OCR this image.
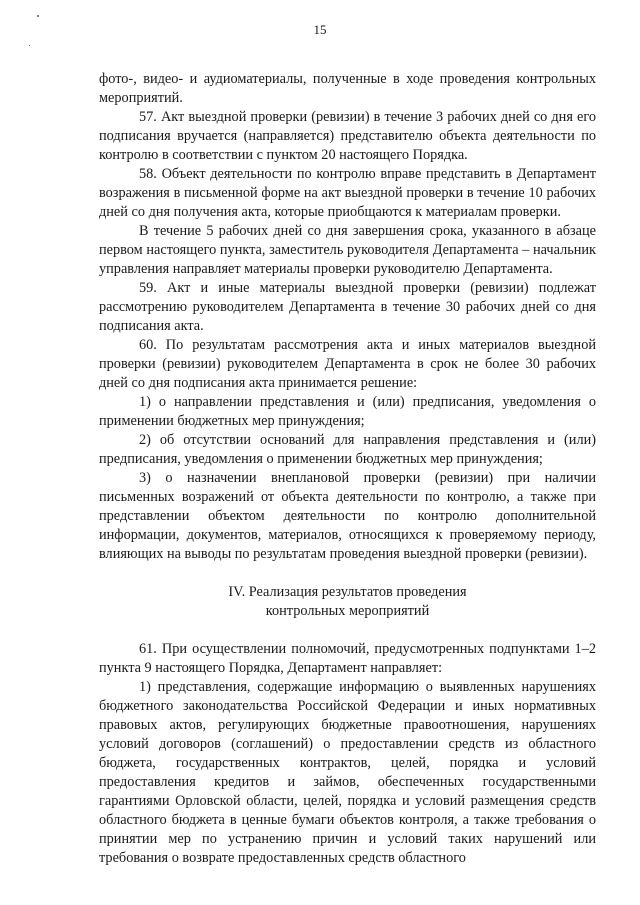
15

фото-, видео- и аудиоматериалы, полученные в ходе проведения контрольных мероприятий.

57. Акт выездной проверки (ревизии) в течение 3 рабочих дней со дня его подписания вручается (направляется) представителю объекта деятельности по контролю в соответствии с пунктом 20 настоящего Порядка.

58. Объект деятельности по контролю вправе представить в Департамент возражения в письменной форме на акт выездной проверки в течение 10 рабочих дней со дня получения акта, которые приобщаются к материалам проверки.

В течение 5 рабочих дней со дня завершения срока, указанного в абзаце первом настоящего пункта, заместитель руководителя Департамента – начальник управления направляет материалы проверки руководителю Департамента.

59. Акт и иные материалы выездной проверки (ревизии) подлежат рассмотрению руководителем Департамента в течение 30 рабочих дней со дня подписания акта.

60. По результатам рассмотрения акта и иных материалов выездной проверки (ревизии) руководителем Департамента в срок не более 30 рабочих дней со дня подписания акта принимается решение:

1) о направлении представления и (или) предписания, уведомления о применении бюджетных мер принуждения;

2) об отсутствии оснований для направления представления и (или) предписания, уведомления о применении бюджетных мер принуждения;

3) о назначении внеплановой проверки (ревизии) при наличии письменных возражений от объекта деятельности по контролю, а также при представлении объектом деятельности по контролю дополнительной информации, документов, материалов, относящихся к проверяемому периоду, влияющих на выводы по результатам проведения выездной проверки (ревизии).

IV. Реализация результатов проведения
контрольных мероприятий

61. При осуществлении полномочий, предусмотренных подпунктами 1–2 пункта 9 настоящего Порядка, Департамент направляет:

1) представления, содержащие информацию о выявленных нарушениях бюджетного законодательства Российской Федерации и иных нормативных правовых актов, регулирующих бюджетные правоотношения, нарушениях условий договоров (соглашений) о предоставлении средств из областного бюджета, государственных контрактов, целей, порядка и условий предоставления кредитов и займов, обеспеченных государственными гарантиями Орловской области, целей, порядка и условий размещения средств областного бюджета в ценные бумаги объектов контроля, а также требования о принятии мер по устранению причин и условий таких нарушений или требования о возврате предоставленных средств областного
